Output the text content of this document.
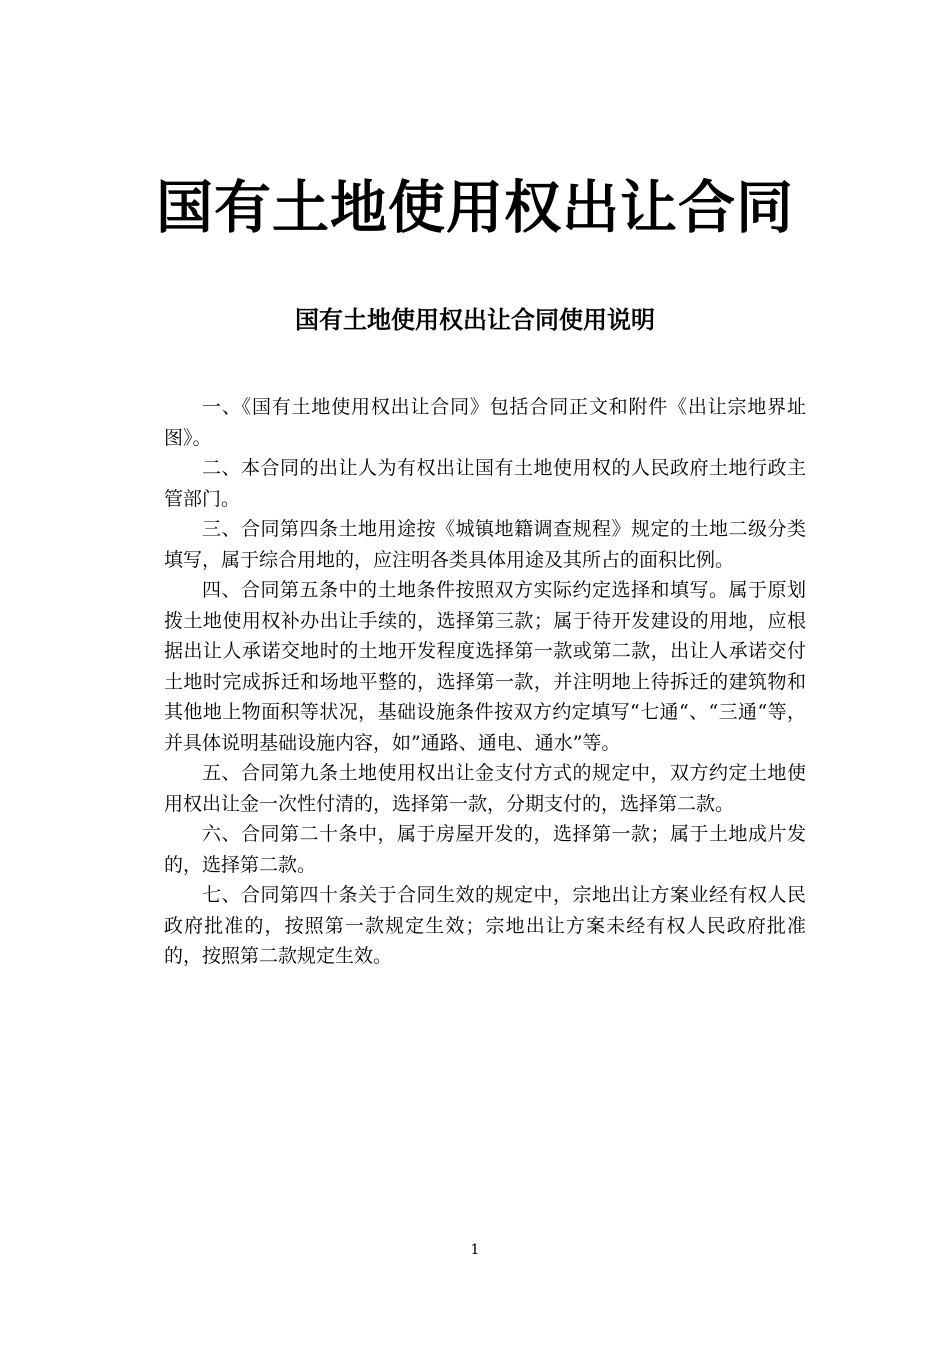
国有土地使用权出让合同
国有土地使用权出让合同使用说明

一、《国有土地使用权出让合同》包括合同正文和附件《出让宗地界址图》。

二、本合同的出让人为有权出让国有土地使用权的人民政府土地行政主管部门。

三、合同第四条土地用途按《城镇地籍调查规程》规定的土地二级分类填写，属于综合用地的，应注明各类具体用途及其所占的面积比例。

四、合同第五条中的土地条件按照双方实际约定选择和填写。属于原划拨土地使用权补办出让手续的，选择第三款；属于待开发建设的用地，应根据出让人承诺交地时的土地开发程度选择第一款或第二款，出让人承诺交付土地时完成拆迁和场地平整的，选择第一款，并注明地上待拆迁的建筑物和其他地上物面积等状况，基础设施条件按双方约定填写“七通“、“三通“等，并具体说明基础设施内容，如”通路、通电、通水”等。

五、合同第九条土地使用权出让金支付方式的规定中，双方约定土地使用权出让金一次性付清的，选择第一款，分期支付的，选择第二款。

六、合同第二十条中，属于房屋开发的，选择第一款；属于土地成片发的，选择第二款。

七、合同第四十条关于合同生效的规定中，宗地出让方案业经有权人民政府批准的，按照第一款规定生效；宗地出让方案未经有权人民政府批准的，按照第二款规定生效。

1
